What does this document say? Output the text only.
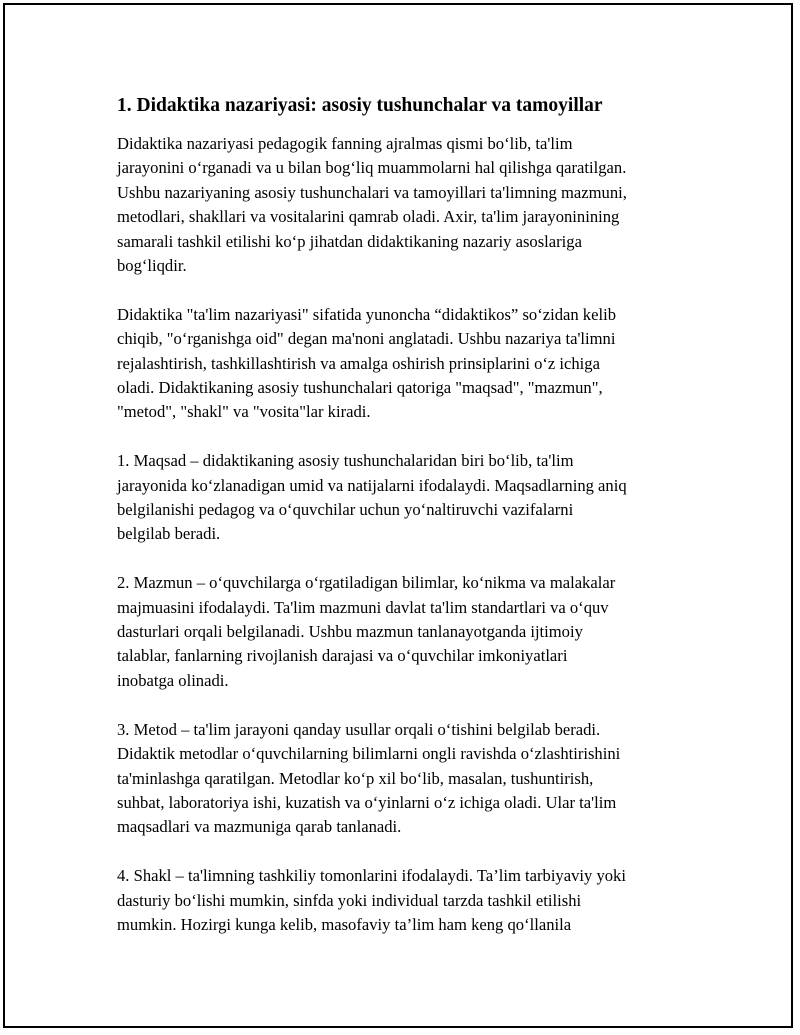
1. Didaktika nazariyasi: asosiy tushunchalar va tamoyillar

Didaktika nazariyasi pedagogik fanning ajralmas qismi bo‘lib, ta'lim
jarayonini o‘rganadi va u bilan bog‘liq muammolarni hal qilishga qaratilgan.
Ushbu nazariyaning asosiy tushunchalari va tamoyillari ta'limning mazmuni,
metodlari, shakllari va vositalarini qamrab oladi. Axir, ta'lim jarayoninining
samarali tashkil etilishi ko‘p jihatdan didaktikaning nazariy asoslariga
bog‘liqdir.

Didaktika "ta'lim nazariyasi" sifatida yunoncha “didaktikos” so‘zidan kelib
chiqib, "o‘rganishga oid" degan ma'noni anglatadi. Ushbu nazariya ta'limni
rejalashtirish, tashkillashtirish va amalga oshirish prinsiplarini o‘z ichiga
oladi. Didaktikaning asosiy tushunchalari qatoriga "maqsad", "mazmun",
"metod", "shakl" va "vosita"lar kiradi.

1. Maqsad – didaktikaning asosiy tushunchalaridan biri bo‘lib, ta'lim
jarayonida ko‘zlanadigan umid va natijalarni ifodalaydi. Maqsadlarning aniq
belgilanishi pedagog va o‘quvchilar uchun yo‘naltiruvchi vazifalarni
belgilab beradi.

2. Mazmun – o‘quvchilarga o‘rgatiladigan bilimlar, ko‘nikma va malakalar
majmuasini ifodalaydi. Ta'lim mazmuni davlat ta'lim standartlari va o‘quv
dasturlari orqali belgilanadi. Ushbu mazmun tanlanayotganda ijtimoiy
talablar, fanlarning rivojlanish darajasi va o‘quvchilar imkoniyatlari
inobatga olinadi.

3. Metod – ta'lim jarayoni qanday usullar orqali o‘tishini belgilab beradi.
Didaktik metodlar o‘quvchilarning bilimlarni ongli ravishda o‘zlashtirishini
ta'minlashga qaratilgan. Metodlar ko‘p xil bo‘lib, masalan, tushuntirish,
suhbat, laboratoriya ishi, kuzatish va o‘yinlarni o‘z ichiga oladi. Ular ta'lim
maqsadlari va mazmuniga qarab tanlanadi.

4. Shakl – ta'limning tashkiliy tomonlarini ifodalaydi. Ta’lim tarbiyaviy yoki
dasturiy bo‘lishi mumkin, sinfda yoki individual tarzda tashkil etilishi
mumkin. Hozirgi kunga kelib, masofaviy ta’lim ham keng qo‘llanila
